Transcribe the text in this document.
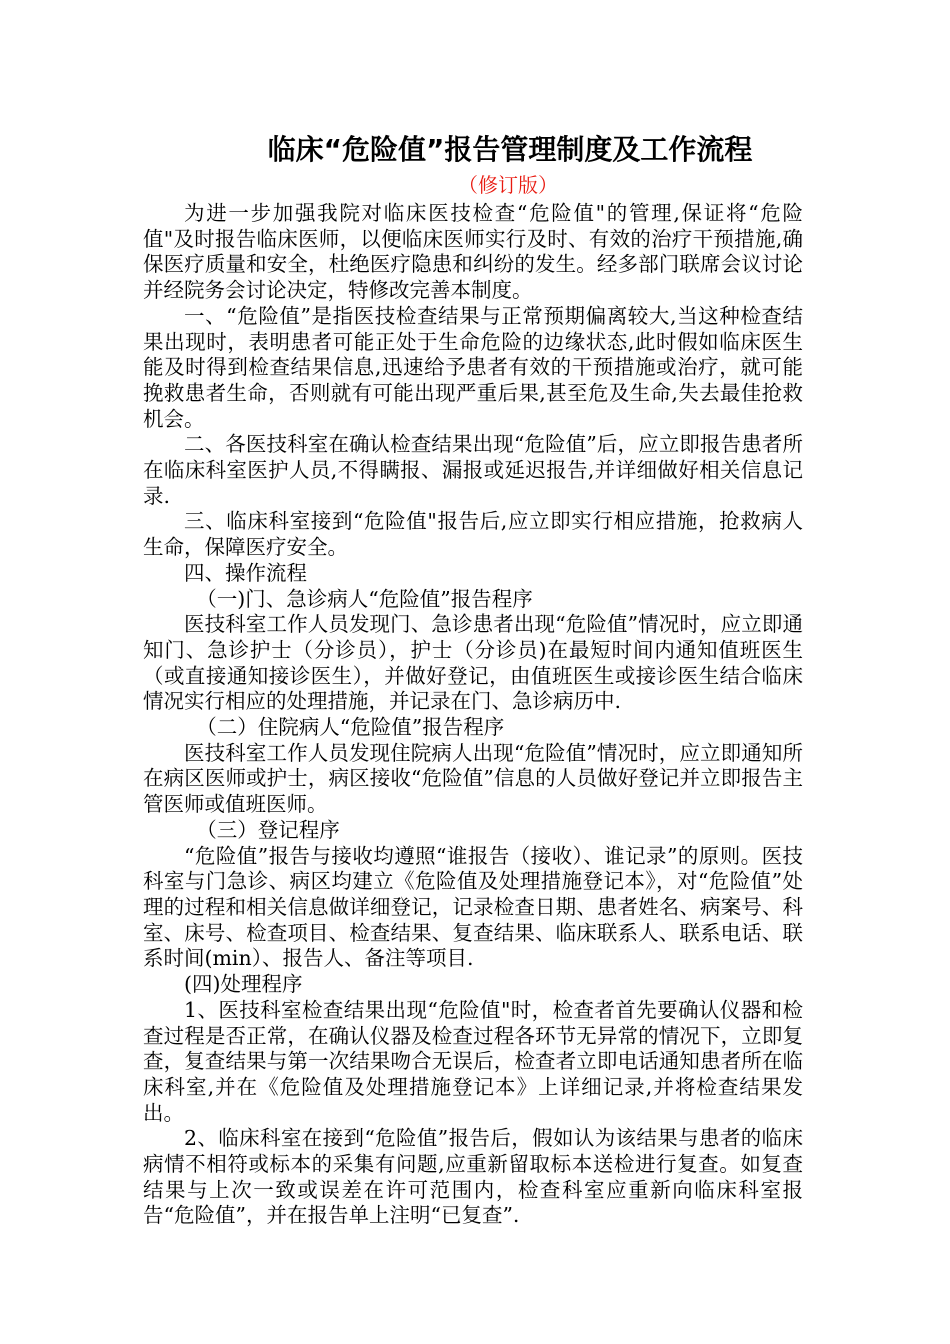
临床“危险值”报告管理制度及工作流程
（修订版）

为进一步加强我院对临床医技检查“危险值"的管理,保证将“危险值"及时报告临床医师，以便临床医师实行及时、有效的治疗干预措施,确保医疗质量和安全，杜绝医疗隐患和纠纷的发生。经多部门联席会议讨论并经院务会讨论决定，特修改完善本制度。

一、“危险值”是指医技检查结果与正常预期偏离较大,当这种检查结果出现时，表明患者可能正处于生命危险的边缘状态,此时假如临床医生能及时得到检查结果信息,迅速给予患者有效的干预措施或治疗，就可能挽救患者生命，否则就有可能出现严重后果,甚至危及生命,失去最佳抢救机会。

二、各医技科室在确认检查结果出现“危险值”后，应立即报告患者所在临床科室医护人员,不得瞒报、漏报或延迟报告,并详细做好相关信息记录.

三、临床科室接到“危险值"报告后,应立即实行相应措施，抢救病人生命，保障医疗安全。

四、操作流程

（一)门、急诊病人“危险值”报告程序

医技科室工作人员发现门、急诊患者出现“危险值”情况时，应立即通知门、急诊护士（分诊员），护士（分诊员)在最短时间内通知值班医生（或直接通知接诊医生），并做好登记，由值班医生或接诊医生结合临床情况实行相应的处理措施，并记录在门、急诊病历中.

（二）住院病人“危险值”报告程序

医技科室工作人员发现住院病人出现“危险值”情况时，应立即通知所在病区医师或护士，病区接收“危险值”信息的人员做好登记并立即报告主管医师或值班医师。

（三）登记程序

“危险值”报告与接收均遵照“谁报告（接收）、谁记录”的原则。医技科室与门急诊、病区均建立《危险值及处理措施登记本》，对“危险值”处理的过程和相关信息做详细登记，记录检查日期、患者姓名、病案号、科室、床号、检查项目、检查结果、复查结果、临床联系人、联系电话、联系时间(min）、报告人、备注等项目.

(四)处理程序

1、医技科室检查结果出现“危险值"时，检查者首先要确认仪器和检查过程是否正常，在确认仪器及检查过程各环节无异常的情况下，立即复查，复查结果与第一次结果吻合无误后，检查者立即电话通知患者所在临床科室,并在《危险值及处理措施登记本》上详细记录,并将检查结果发出。

2、临床科室在接到“危险值”报告后，假如认为该结果与患者的临床病情不相符或标本的采集有问题,应重新留取标本送检进行复查。如复查结果与上次一致或误差在许可范围内，检查科室应重新向临床科室报告“危险值”，并在报告单上注明“已复查”.
